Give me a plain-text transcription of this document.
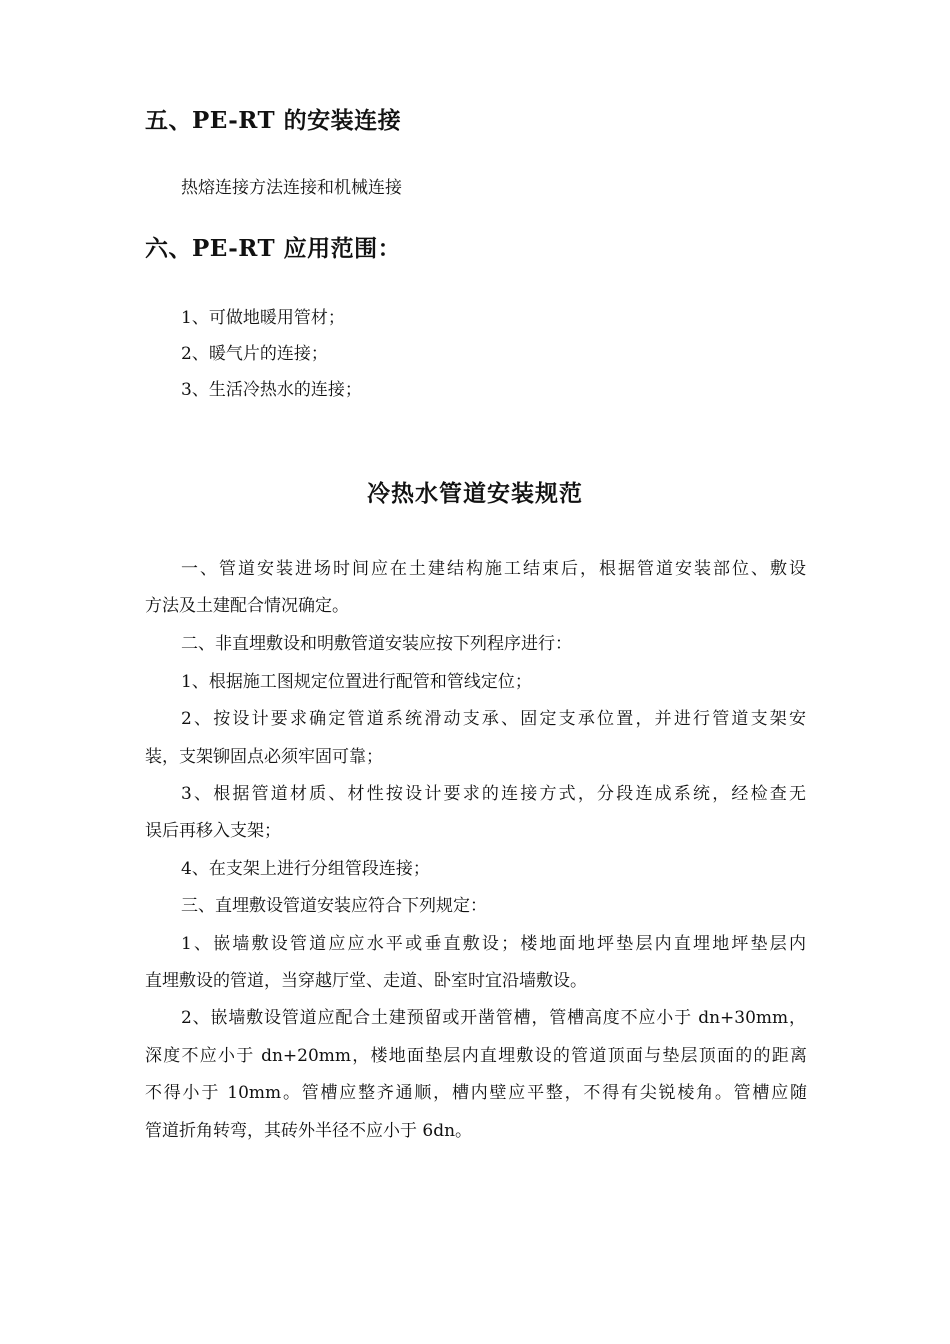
五、PE-RT 的安装连接
热熔连接方法连接和机械连接
六、PE-RT 应用范围：
1、可做地暖用管材；
2、暖气片的连接；
3、生活冷热水的连接；
冷热水管道安装规范
一、管道安装进场时间应在土建结构施工结束后，根据管道安装部位、敷设
方法及土建配合情况确定。
二、非直埋敷设和明敷管道安装应按下列程序进行：
1、根据施工图规定位置进行配管和管线定位；
2、按设计要求确定管道系统滑动支承、固定支承位置，并进行管道支架安
装，支架铆固点必须牢固可靠；
3、根据管道材质、材性按设计要求的连接方式，分段连成系统，经检查无
误后再移入支架；
4、在支架上进行分组管段连接；
三、直埋敷设管道安装应符合下列规定：
1、嵌墙敷设管道应应水平或垂直敷设；楼地面地坪垫层内直埋地坪垫层内
直埋敷设的管道，当穿越厅堂、走道、卧室时宜沿墙敷设。
2、嵌墙敷设管道应配合土建预留或开凿管槽，管槽高度不应小于 dn+30mm，
深度不应小于 dn+20mm，楼地面垫层内直埋敷设的管道顶面与垫层顶面的的距离
不得小于 10mm。管槽应整齐通顺，槽内壁应平整，不得有尖锐棱角。管槽应随
管道折角转弯，其砖外半径不应小于 6dn。
